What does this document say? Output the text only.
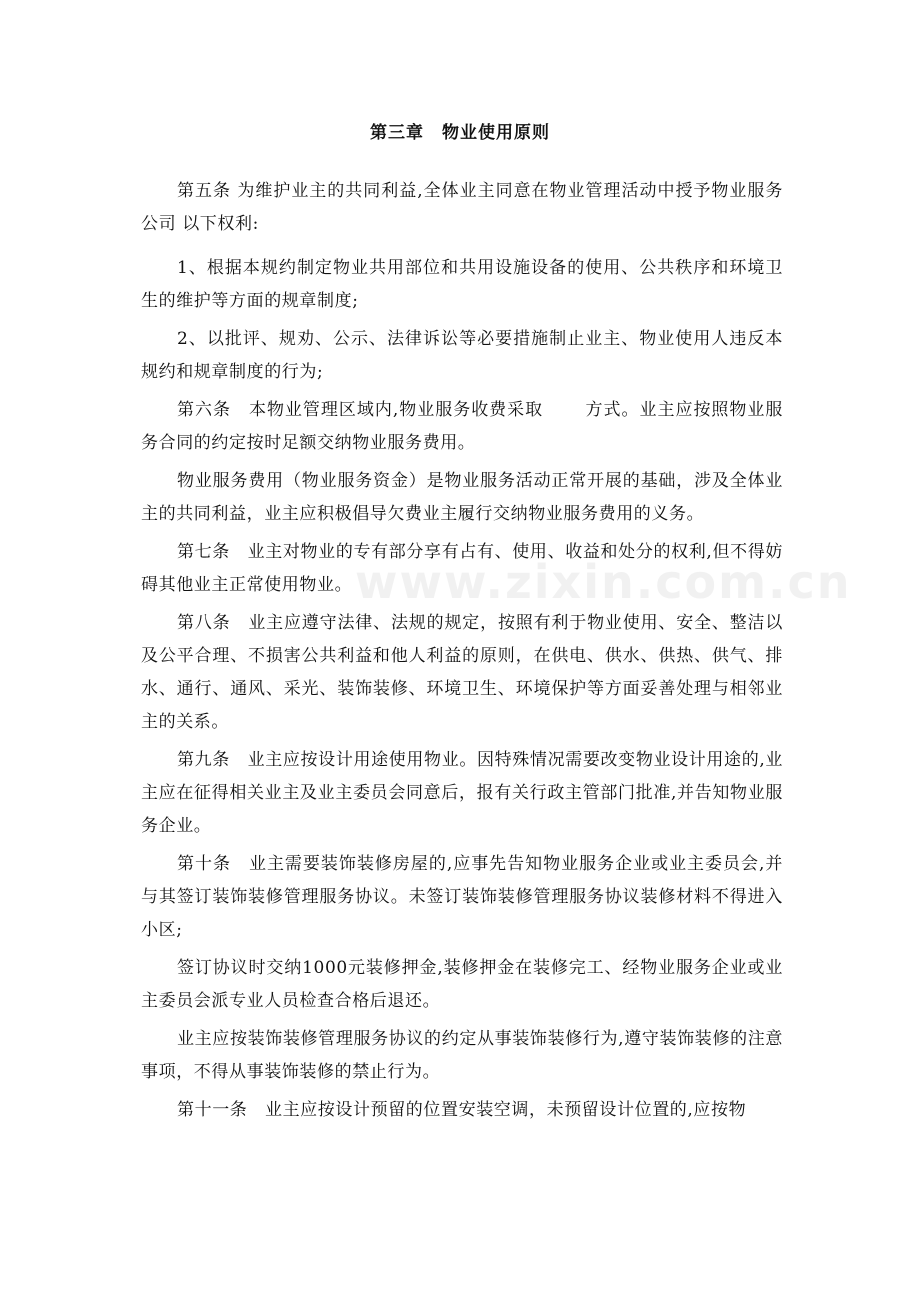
第三章　物业使用原则

第五条 为维护业主的共同利益,全体业主同意在物业管理活动中授予物业服务公司 以下权利:

1、根据本规约制定物业共用部位和共用设施设备的使用、公共秩序和环境卫生的维护等方面的规章制度;

2、以批评、规劝、公示、法律诉讼等必要措施制止业主、物业使用人违反本规约和规章制度的行为;

第六条　本物业管理区域内,物业服务收费采取　　 方式。业主应按照物业服务合同的约定按时足额交纳物业服务费用。

物业服务费用（物业服务资金）是物业服务活动正常开展的基础，涉及全体业主的共同利益，业主应积极倡导欠费业主履行交纳物业服务费用的义务。

第七条　业主对物业的专有部分享有占有、使用、收益和处分的权利,但不得妨碍其他业主正常使用物业。

第八条　业主应遵守法律、法规的规定，按照有利于物业使用、安全、整洁以及公平合理、不损害公共利益和他人利益的原则，在供电、供水、供热、供气、排水、通行、通风、采光、装饰装修、环境卫生、环境保护等方面妥善处理与相邻业主的关系。

第九条　业主应按设计用途使用物业。因特殊情况需要改变物业设计用途的,业主应在征得相关业主及业主委员会同意后，报有关行政主管部门批准,并告知物业服务企业。

第十条　业主需要装饰装修房屋的,应事先告知物业服务企业或业主委员会,并与其签订装饰装修管理服务协议。未签订装饰装修管理服务协议装修材料不得进入小区;

签订协议时交纳1000元装修押金,装修押金在装修完工、经物业服务企业或业主委员会派专业人员检查合格后退还。

业主应按装饰装修管理服务协议的约定从事装饰装修行为,遵守装饰装修的注意事项，不得从事装饰装修的禁止行为。

第十一条　业主应按设计预留的位置安装空调，未预留设计位置的,应按物

www.zixin.com.cn
